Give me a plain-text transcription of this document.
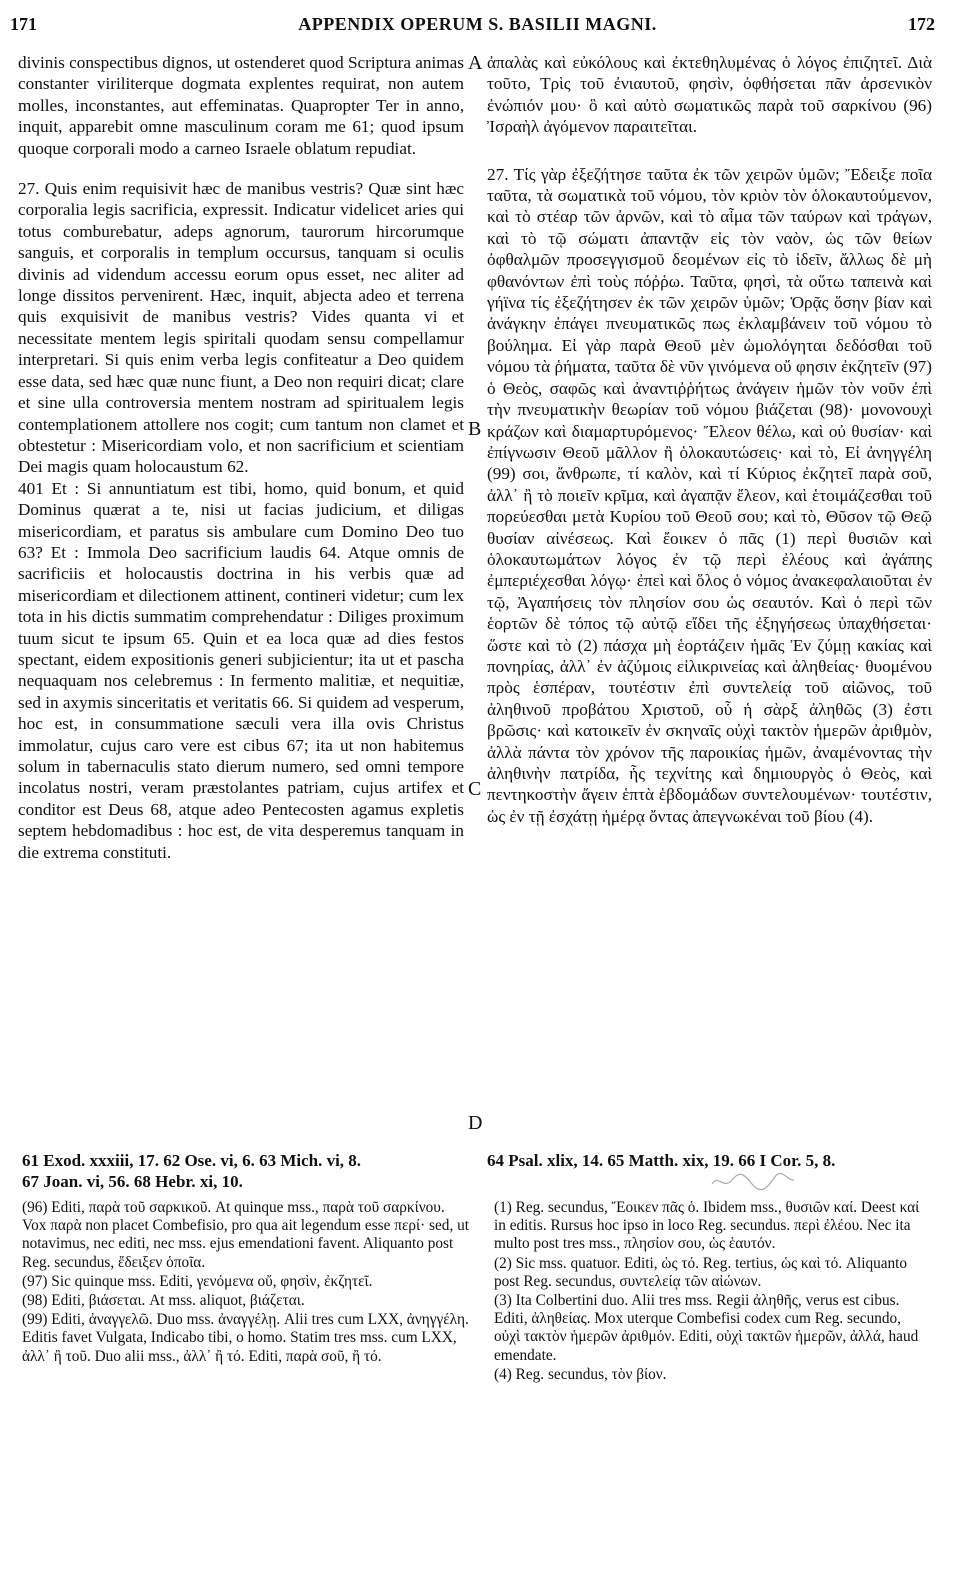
171	APPENDIX OPERUM S. BASILII MAGNI.	172

divinis conspectibus dignos, ut ostenderet quod Scriptura animas constanter viriliterque dogmata explentes requirat, non autem molles, inconstantes, aut effeminatas. Quapropter Ter in anno, inquit, apparebit omne masculinum coram me 61; quod ipsum quoque corporali modo a carneo Israele oblatum repudiat.

27. Quis enim requisivit hæc de manibus vestris? Quæ sint hæc corporalia legis sacrificia, expressit. Indicatur videlicet aries qui totus comburebatur, adeps agnorum, taurorum hircorumque sanguis, et corporalis in templum occursus, tanquam si oculis divinis ad videndum accessu eorum opus esset, nec aliter ad longe dissitos pervenirent. Hæc, inquit, abjecta adeo et terrena quis exquisivit de manibus vestris? Vides quanta vi et necessitate mentem legis spiritali quodam sensu compellamur interpretari. Si quis enim verba legis confiteatur a Deo quidem esse data, sed hæc quæ nunc fiunt, a Deo non requiri dicat; clare et sine ulla controversia mentem nostram ad spiritualem legis contemplationem attollere nos cogit; cum tantum non clamet et obtestetur : Misericordiam volo, et non sacrificium et scientiam Dei magis quam holocaustum 62.

401 Et : Si annuntiatum est tibi, homo, quid bonum, et quid Dominus quærat a te, nisi ut facias judicium, et diligas misericordiam, et paratus sis ambulare cum Domino Deo tuo 63? Et : Immola Deo sacrificium laudis 64. Atque omnis de sacrificiis et holocaustis doctrina in his verbis quæ ad misericordiam et dilectionem attinent, contineri videtur; cum lex tota in his dictis summatim comprehendatur : Diliges proximum tuum sicut te ipsum 65. Quin et ea loca quæ ad dies festos spectant, eidem expositionis generi subjicientur; ita ut et pascha nequaquam nos celebremus : In fermento malitiæ, et nequitiæ, sed in axymis sinceritatis et veritatis 66. Si quidem ad vesperum, hoc est, in consummatione sæculi vera illa ovis Christus immolatur, cujus caro vere est cibus 67; ita ut non habitemus solum in tabernaculis stato dierum numero, sed omni tempore incolatus nostri, veram præstolantes patriam, cujus artifex et conditor est Deus 68, atque adeo Pentecosten agamus expletis septem hebdomadibus : hoc est, de vita desperemus tanquam in die extrema constituti.

ἀπαλὰς καὶ εὐκόλους καὶ ἐκτεθηλυμένας ὁ λόγος ἐπιζητεῖ. Διὰ τοῦτο, Τρὶς τοῦ ἐνιαυτοῦ, φησὶν, ὀφθήσεται πᾶν ἀρσενικὸν ἐνώπιόν μου· ὃ καὶ αὐτὸ σωματικῶς παρὰ τοῦ σαρκίνου (96) Ἰσραὴλ ἀγόμενον παραιτεῖται.

27. Τίς γὰρ ἐξεζήτησε ταῦτα ἐκ τῶν χειρῶν ὑμῶν; Ἔδειξε ποῖα ταῦτα, τὰ σωματικὰ τοῦ νόμου, τὸν κριὸν τὸν ὁλοκαυτούμενον, καὶ τὸ στέαρ τῶν ἀρνῶν, καὶ τὸ αἷμα τῶν ταύρων καὶ τράγων, καὶ τὸ τῷ σώματι ἀπαντᾷν εἰς τὸν ναὸν, ὡς τῶν θείων ὀφθαλμῶν προσεγγισμοῦ δεομένων εἰς τὸ ἰδεῖν, ἄλλως δὲ μὴ φθανόντων ἐπὶ τοὺς πόῤῥω. Ταῦτα, φησὶ, τὰ οὕτω ταπεινὰ καὶ γήϊνα τίς ἐξεζήτησεν ἐκ τῶν χειρῶν ὑμῶν; Ὁρᾷς ὅσην βίαν καὶ ἀνάγκην ἐπάγει πνευματικῶς πως ἐκλαμβάνειν τοῦ νόμου τὸ βούλημα. Εἰ γὰρ παρὰ Θεοῦ μὲν ὡμολόγηται δεδόσθαι τοῦ νόμου τὰ ῥήματα, ταῦτα δὲ νῦν γινόμενα οὔ φησιν ἐκζητεῖν (97) ὁ Θεὸς, σαφῶς καὶ ἀναντιῤῥήτως ἀνάγειν ἡμῶν τὸν νοῦν ἐπὶ τὴν πνευματικὴν θεωρίαν τοῦ νόμου βιάζεται (98)· μονονουχὶ κράζων καὶ διαμαρτυρόμενος· Ἔλεον θέλω, καὶ οὐ θυσίαν· καὶ ἐπίγνωσιν Θεοῦ μᾶλλον ἢ ὁλοκαυτώσεις· καὶ τὸ, Εἰ ἀνηγγέλη (99) σοι, ἄνθρωπε, τί καλὸν, καὶ τί Κύριος ἐκζητεῖ παρὰ σοῦ, ἀλλ᾽ ἢ τὸ ποιεῖν κρῖμα, καὶ ἀγαπᾷν ἔλεον, καὶ ἑτοιμάζεσθαι τοῦ πορεύεσθαι μετὰ Κυρίου τοῦ Θεοῦ σου; καὶ τὸ, Θῦσον τῷ Θεῷ θυσίαν αἰνέσεως. Καὶ ἔοικεν ὁ πᾶς (1) περὶ θυσιῶν καὶ ὁλοκαυτωμάτων λόγος ἐν τῷ περὶ ἐλέους καὶ ἀγάπης ἐμπεριέχεσθαι λόγῳ· ἐπεὶ καὶ ὅλος ὁ νόμος ἀνακεφαλαιοῦται ἐν τῷ, Ἀγαπήσεις τὸν πλησίον σου ὡς σεαυτόν. Καὶ ὁ περὶ τῶν ἑορτῶν δὲ τόπος τῷ αὐτῷ εἴδει τῆς ἐξηγήσεως ὑπαχθήσεται· ὥστε καὶ τὸ (2) πάσχα μὴ ἑορτάζειν ἡμᾶς Ἐν ζύμῃ κακίας καὶ πονηρίας, ἀλλ᾽ ἐν ἀζύμοις εἰλικρινείας καὶ ἀληθείας· θυομένου πρὸς ἑσπέραν, τουτέστιν ἐπὶ συντελείᾳ τοῦ αἰῶνος, τοῦ ἀληθινοῦ προβάτου Χριστοῦ, οὗ ἡ σὰρξ ἀληθῶς (3) ἐστι βρῶσις· καὶ κατοικεῖν ἐν σκηναῖς οὐχὶ τακτὸν ἡμερῶν ἀριθμὸν, ἀλλὰ πάντα τὸν χρόνον τῆς παροικίας ἡμῶν, ἀναμένοντας τὴν ἀληθινὴν πατρίδα, ἧς τεχνίτης καὶ δημιουργὸς ὁ Θεὸς, καὶ πεντηκοστὴν ἄγειν ἑπτὰ ἑβδομάδων συντελουμένων· τουτέστιν, ὡς ἐν τῇ ἐσχάτῃ ἡμέρᾳ ὄντας ἀπεγνωκέναι τοῦ βίου (4).

A
B
C
D
61 Exod. xxxiii, 17. 62 Ose. vi, 6. 63 Mich. vi, 8.
67 Joan. vi, 56. 68 Hebr. xi, 10.
64 Psal. xlix, 14. 65 Matth. xix, 19. 66 I Cor. 5, 8.

(96) Editi, παρὰ τοῦ σαρκικοῦ. At quinque mss., παρὰ τοῦ σαρκίνου. Vox παρὰ non placet Combefisio, pro qua ait legendum esse περί· sed, ut notavimus, nec editi, nec mss. ejus emendationi favent. Aliquanto post Reg. secundus, ἔδειξεν ὁποῖα.

(97) Sic quinque mss. Editi, γενόμενα οὔ, φησὶν, ἐκζητεῖ.

(98) Editi, βιάσεται. At mss. aliquot, βιάζεται.

(99) Editi, ἀναγγελῶ. Duo mss. ἀναγγέλῃ. Alii tres cum LXX, ἀνηγγέλη. Editis favet Vulgata, Indicabo tibi, o homo. Statim tres mss. cum LXX, ἀλλ᾽ ἢ τοῦ. Duo alii mss., ἀλλ᾽ ἢ τό. Editi, παρὰ σοῦ, ἢ τό.

(1) Reg. secundus, Ἔοικεν πᾶς ὁ. Ibidem mss., θυσιῶν καί. Deest καί in editis. Rursus hoc ipso in loco Reg. secundus. περὶ ἐλέου. Nec ita multo post tres mss., πλησίον σου, ὡς ἑαυτόν.

(2) Sic mss. quatuor. Editi, ὡς τό. Reg. tertius, ὡς καὶ τό. Aliquanto post Reg. secundus, συντελείᾳ τῶν αἰώνων.

(3) Ita Colbertini duo. Alii tres mss. Regii ἀληθῆς, verus est cibus. Editi, ἀληθείας. Mox uterque Combefisi codex cum Reg. secundo, οὐχὶ τακτὸν ἡμερῶν ἀριθμόν. Editi, οὐχὶ τακτῶν ἡμερῶν, ἀλλά, haud emendate.

(4) Reg. secundus, τὸν βίον.
